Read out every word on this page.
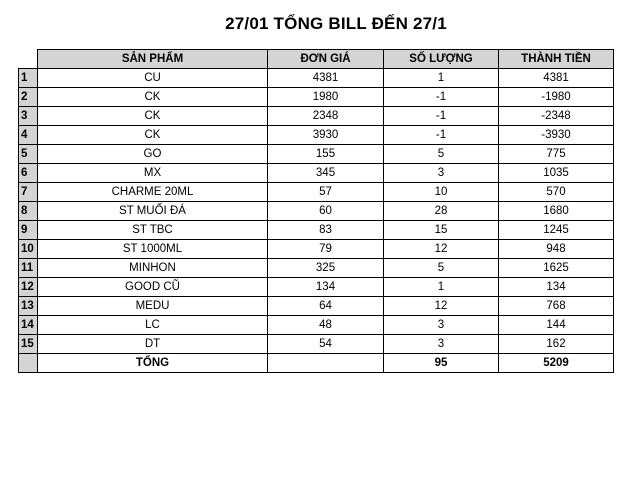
27/01 TỔNG BILL ĐẾN 27/1
	SẢN PHẨM	ĐƠN GIÁ	SỐ LƯỢNG	THÀNH TIỀN
1	CU	4381	1	4381
2	CK	1980	-1	-1980
3	CK	2348	-1	-2348
4	CK	3930	-1	-3930
5	GO	155	5	775
6	MX	345	3	1035
7	CHARME 20ML	57	10	570
8	ST MUỐI ĐÁ	60	28	1680
9	ST TBC	83	15	1245
10	ST 1000ML	79	12	948
11	MINHON	325	5	1625
12	GOOD CŨ	134	1	134
13	MEDU	64	12	768
14	LC	48	3	144
15	DT	54	3	162
	TỔNG		95	5209
